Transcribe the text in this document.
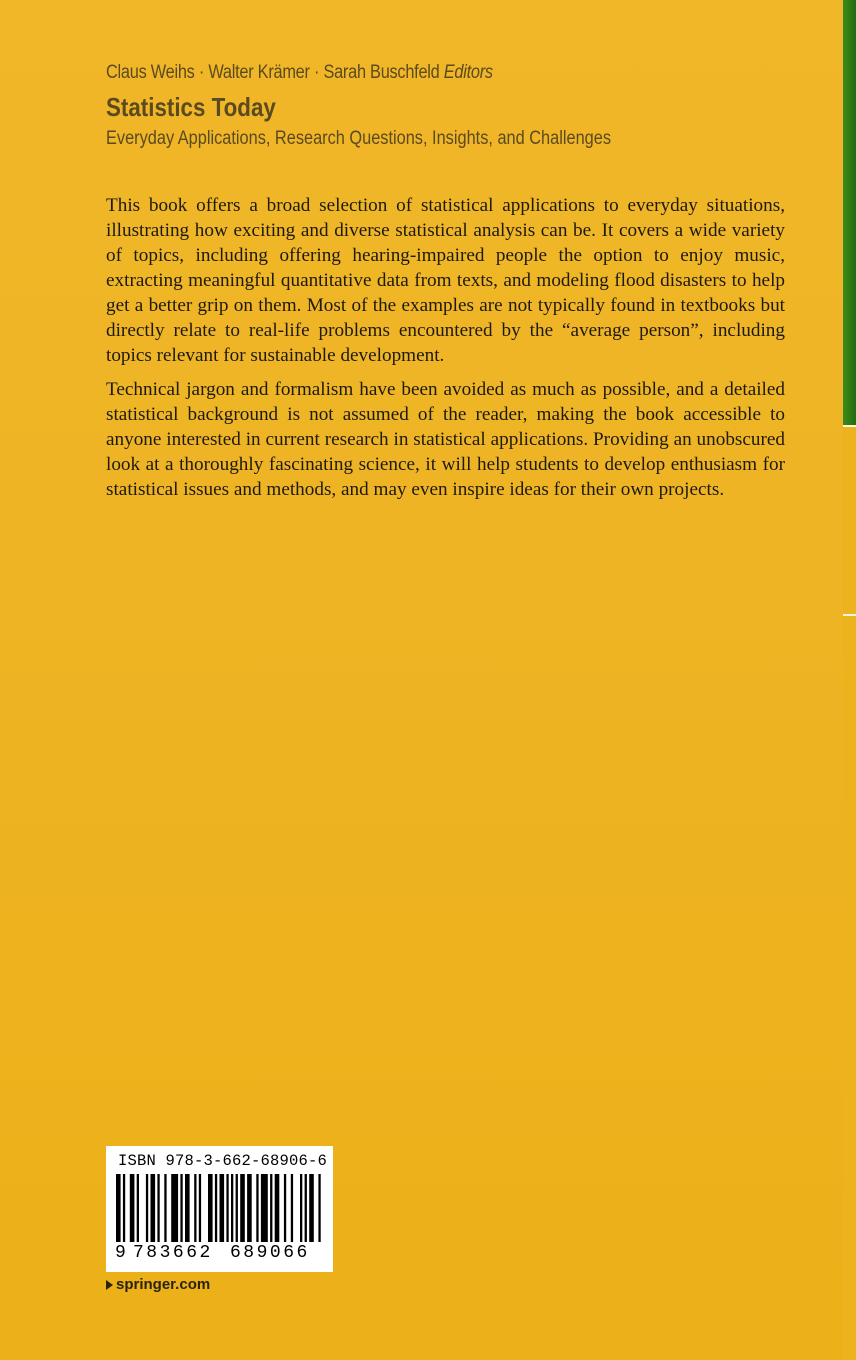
Claus Weihs · Walter Krämer · Sarah Buschfeld Editors
Statistics Today
Everyday Applications, Research Questions, Insights, and Challenges

This book offers a broad selection of statistical applications to everyday situations, illustrating how exciting and diverse statistical analysis can be. It covers a wide variety of topics, including offering hearing-impaired people the option to enjoy music, extracting meaningful quantitative data from texts, and modeling flood disasters to help get a better grip on them. Most of the examples are not typically found in textbooks but directly relate to real-life problems encountered by the “average person”, including topics relevant for sustainable development.

Technical jargon and formalism have been avoided as much as possible, and a detailed statistical background is not assumed of the reader, making the book accessible to anyone interested in current research in statistical applications. Providing an unobscured look at a thoroughly fascinating science, it will help students to develop enthusiasm for statistical issues and methods, and may even inspire ideas for their own projects.

ISBN 978-3-662-68906-6
9 783662 689066
springer.com
